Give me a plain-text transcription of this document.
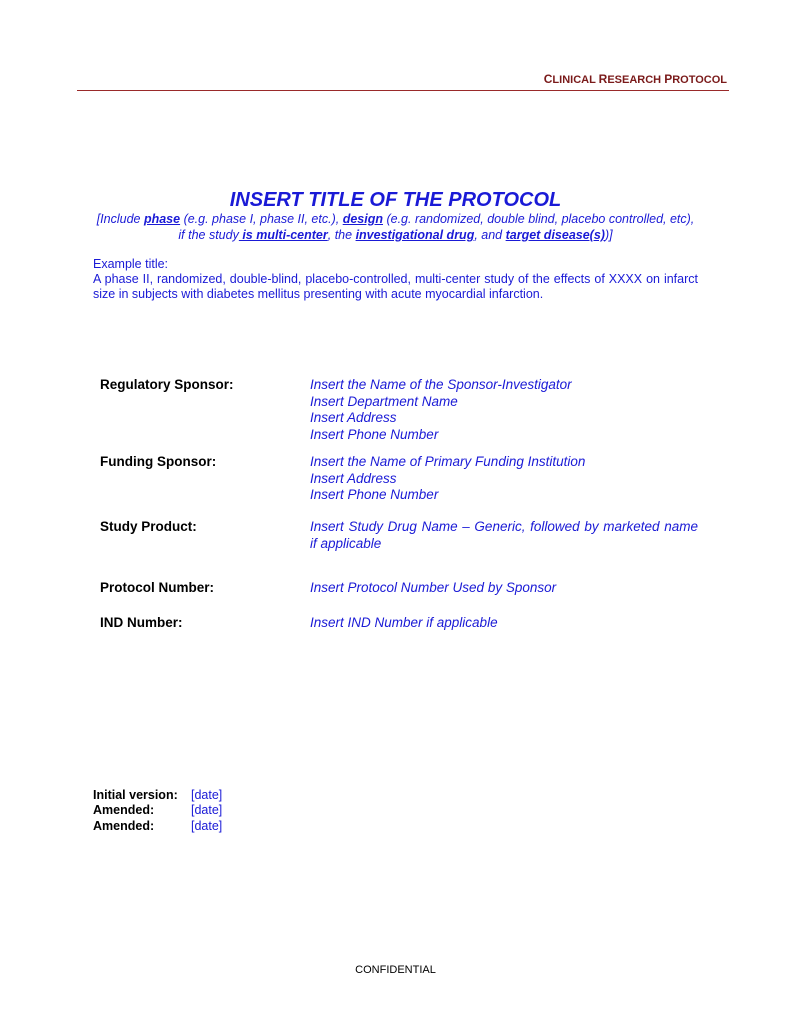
CLINICAL RESEARCH PROTOCOL
INSERT TITLE OF THE PROTOCOL
[Include phase (e.g. phase I, phase II, etc.), design (e.g. randomized, double blind, placebo controlled, etc), if the study is multi-center, the investigational drug, and target disease(s))]
Example title:
A phase II, randomized, double-blind, placebo-controlled, multi-center study of the effects of XXXX on infarct size in subjects with diabetes mellitus presenting with acute myocardial infarction.
Regulatory Sponsor:	Insert the Name of the Sponsor-Investigator
Insert Department Name
Insert Address
Insert Phone Number
Funding Sponsor:	Insert the Name of Primary Funding Institution
Insert Address
Insert Phone Number
Study Product:	Insert Study Drug Name – Generic, followed by marketed name if applicable
Protocol Number:	Insert Protocol Number Used by Sponsor
IND Number:	Insert IND Number if applicable
Initial version: [date]
Amended:	[date]
Amended:	[date]
CONFIDENTIAL
